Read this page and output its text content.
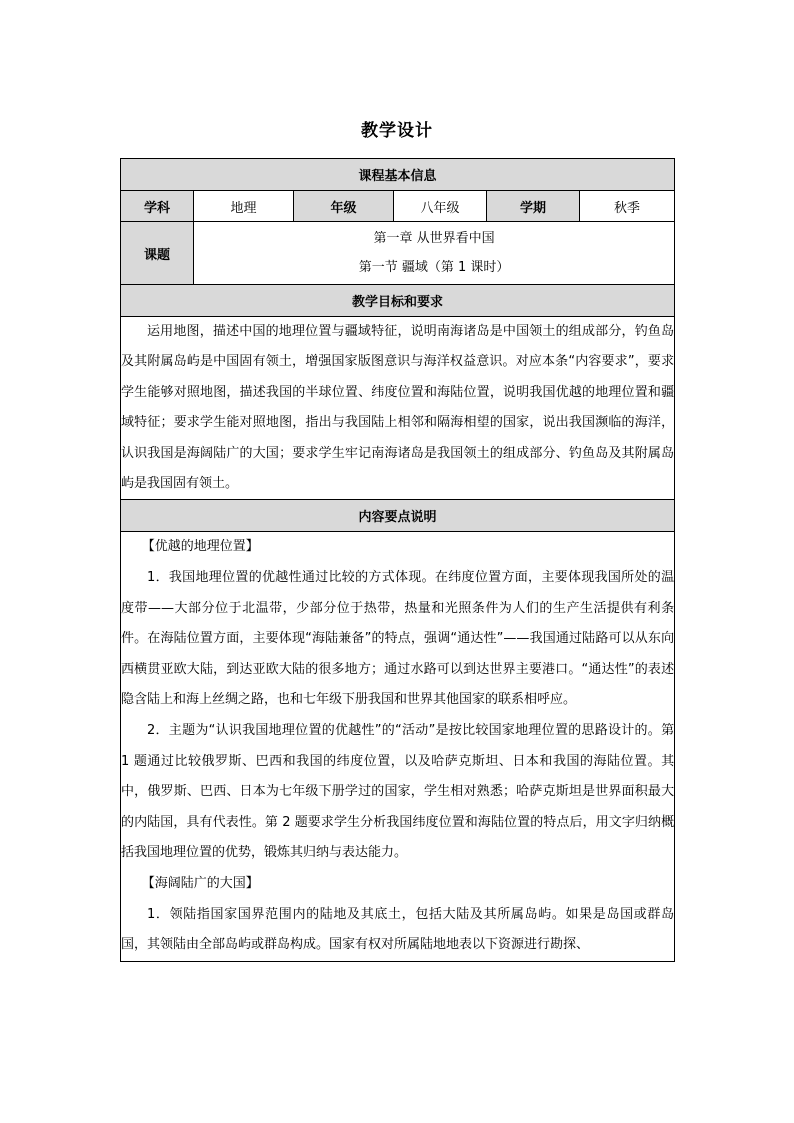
教学设计
课程基本信息					
学科	地理	年级	八年级	学期	秋季
课题	第一章 从世界看中国
第一节 疆域（第 1 课时）				

教学目标和要求					

运用地图，描述中国的地理位置与疆域特征，说明南海诸岛是中国领土的组成部分，钓鱼岛及其附属岛屿是中国固有领土，增强国家版图意识与海洋权益意识。对应本条“内容要求”，要求学生能够对照地图，描述我国的半球位置、纬度位置和海陆位置，说明我国优越的地理位置和疆域特征；要求学生能对照地图，指出与我国陆上相邻和隔海相望的国家，说出我国濒临的海洋，认识我国是海阔陆广的大国；要求学生牢记南海诸岛是我国领土的组成部分、钓鱼岛及其附属岛屿是我国固有领土。					

内容要点说明					

【优越的地理位置】

1．我国地理位置的优越性通过比较的方式体现。在纬度位置方面，主要体现我国所处的温度带——大部分位于北温带，少部分位于热带，热量和光照条件为人们的生产生活提供有利条件。在海陆位置方面，主要体现“海陆兼备”的特点，强调“通达性”——我国通过陆路可以从东向西横贯亚欧大陆，到达亚欧大陆的很多地方；通过水路可以到达世界主要港口。“通达性”的表述隐含陆上和海上丝绸之路，也和七年级下册我国和世界其他国家的联系相呼应。

2．主题为“认识我国地理位置的优越性”的“活动”是按比较国家地理位置的思路设计的。第 1 题通过比较俄罗斯、巴西和我国的纬度位置，以及哈萨克斯坦、日本和我国的海陆位置。其中，俄罗斯、巴西、日本为七年级下册学过的国家，学生相对熟悉；哈萨克斯坦是世界面积最大的内陆国，具有代表性。第 2 题要求学生分析我国纬度位置和海陆位置的特点后，用文字归纳概括我国地理位置的优势，锻炼其归纳与表达能力。

【海阔陆广的大国】

1．领陆指国家国界范围内的陆地及其底土，包括大陆及其所属岛屿。如果是岛国或群岛国，其领陆由全部岛屿或群岛构成。国家有权对所属陆地地表以下资源进行勘探、					
